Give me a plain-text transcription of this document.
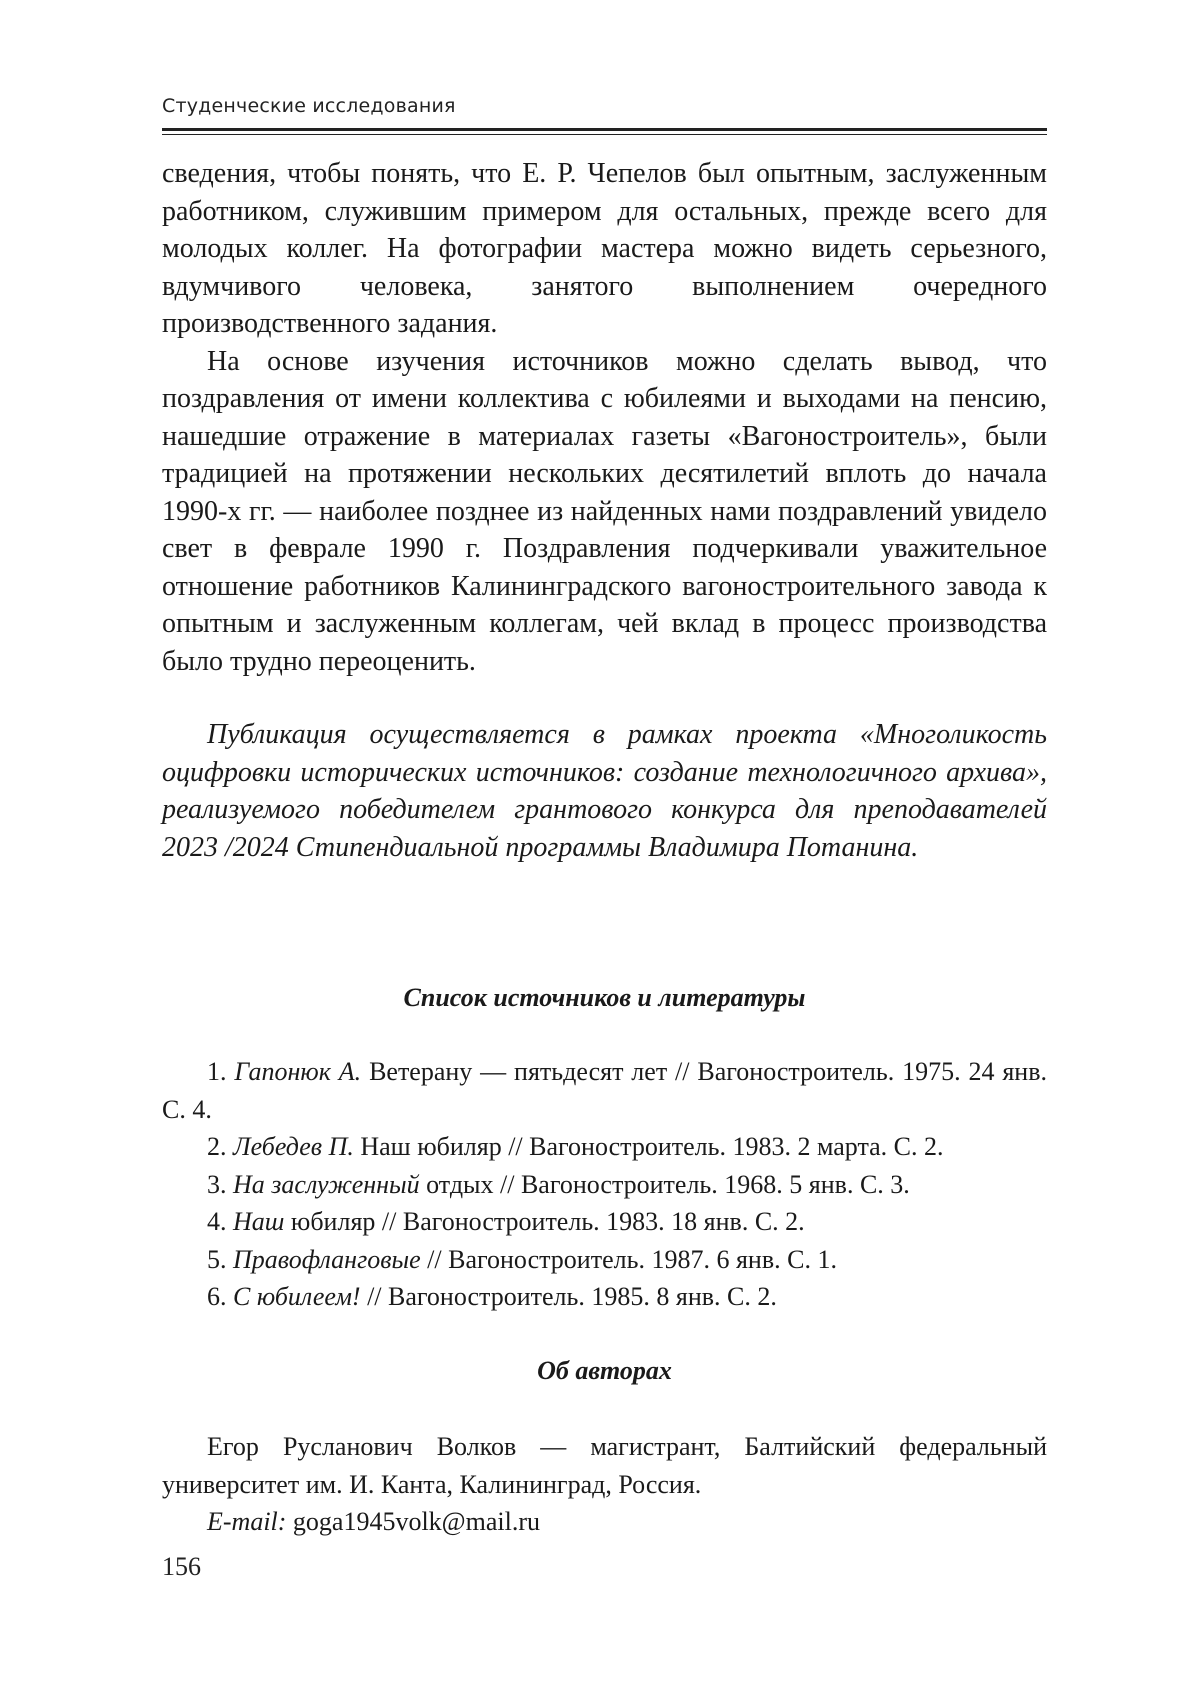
Студенческие исследования

сведения, чтобы понять, что Е. Р. Чепелов был опытным, заслуженным работником, служившим примером для остальных, прежде всего для молодых коллег. На фотографии мастера можно видеть серьезного, вдумчивого человека, занятого выполнением очередного производственного задания.

На основе изучения источников можно сделать вывод, что поздравления от имени коллектива с юбилеями и выходами на пенсию, нашедшие отражение в материалах газеты «Вагоностроитель», были традицией на протяжении нескольких десятилетий вплоть до начала 1990-х гг. — наиболее позднее из найденных нами поздравлений увидело свет в феврале 1990 г. Поздравления подчеркивали уважительное отношение работников Калининградского вагоностроительного завода к опытным и заслуженным коллегам, чей вклад в процесс производства было трудно переоценить.

Публикация осуществляется в рамках проекта «Многоликость оцифровки исторических источников: создание технологичного архива», реализуемого победителем грантового конкурса для преподавателей 2023 /2024 Стипендиальной программы Владимира Потанина.

Список источников и литературы
1. Гапонюк А. Ветерану — пятьдесят лет // Вагоностроитель. 1975. 24 янв. С. 4.
2. Лебедев П. Наш юбиляр // Вагоностроитель. 1983. 2 марта. С. 2.
3. На заслуженный отдых // Вагоностроитель. 1968. 5 янв. С. 3.
4. Наш юбиляр // Вагоностроитель. 1983. 18 янв. С. 2.
5. Правофланговые // Вагоностроитель. 1987. 6 янв. С. 1.
6. С юбилеем! // Вагоностроитель. 1985. 8 янв. С. 2.
Об авторах

Егор Русланович Волков — магистрант, Балтийский федеральный университет им. И. Канта, Калининград, Россия.

E-mail: goga1945volk@mail.ru

156
